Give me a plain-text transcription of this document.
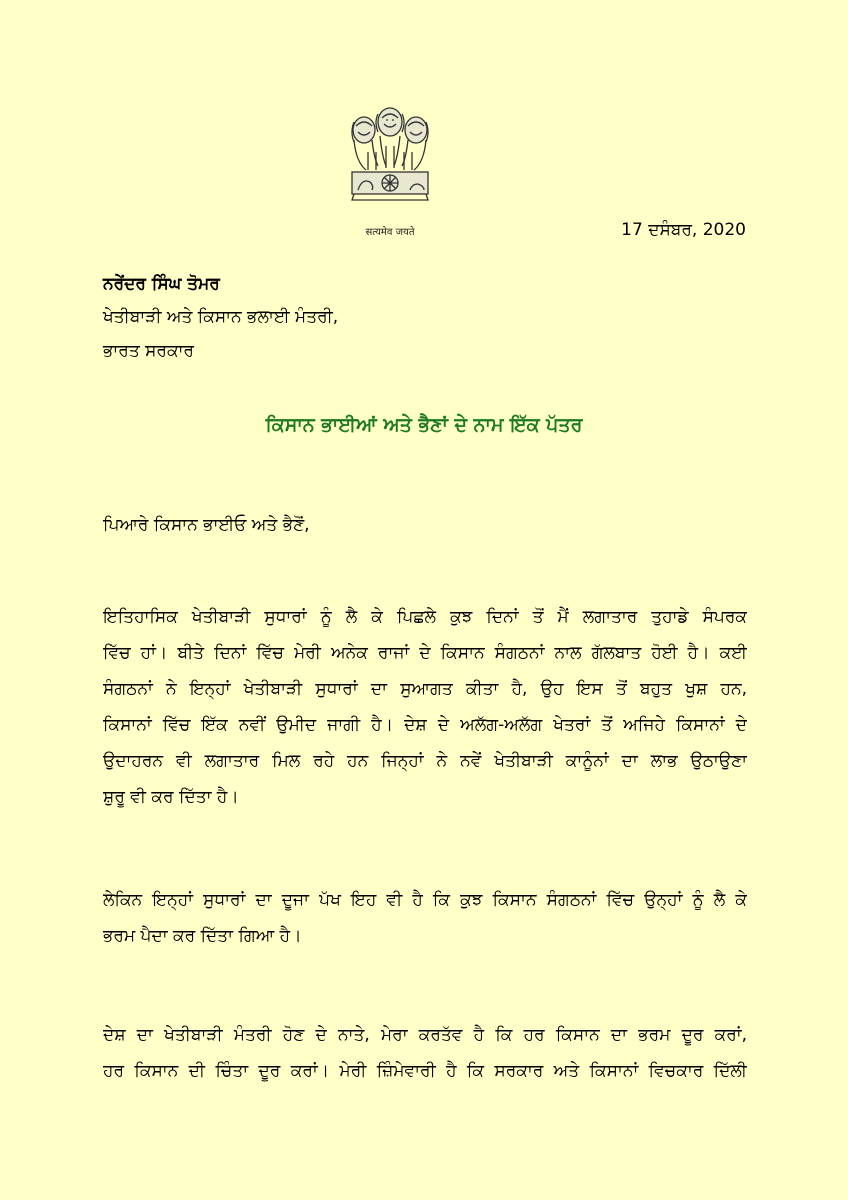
सत्यमेव जयते	17 ਦਸੰਬਰ, 2020
ਨਰੇਂਦਰ ਸਿੰਘ ਤੋਮਰ
ਖੇਤੀਬਾੜੀ ਅਤੇ ਕਿਸਾਨ ਭਲਾਈ ਮੰਤਰੀ,
ਭਾਰਤ ਸਰਕਾਰ
ਕਿਸਾਨ ਭਾਈਆਂ ਅਤੇ ਭੈਣਾਂ ਦੇ ਨਾਮ ਇੱਕ ਪੱਤਰ
ਪਿਆਰੇ ਕਿਸਾਨ ਭਾਈਓ ਅਤੇ ਭੈਣੋਂ,
ਇਤਿਹਾਸਿਕ ਖੇਤੀਬਾੜੀ ਸੁਧਾਰਾਂ ਨੂੰ ਲੈ ਕੇ ਪਿਛਲੇ ਕੁਝ ਦਿਨਾਂ ਤੋਂ ਮੈਂ ਲਗਾਤਾਰ ਤੁਹਾਡੇ ਸੰਪਰਕ
ਵਿੱਚ ਹਾਂ। ਬੀਤੇ ਦਿਨਾਂ ਵਿੱਚ ਮੇਰੀ ਅਨੇਕ ਰਾਜਾਂ ਦੇ ਕਿਸਾਨ ਸੰਗਠਨਾਂ ਨਾਲ ਗੱਲਬਾਤ ਹੋਈ ਹੈ। ਕਈ
ਸੰਗਠਨਾਂ ਨੇ ਇਨ੍ਹਾਂ ਖੇਤੀਬਾੜੀ ਸੁਧਾਰਾਂ ਦਾ ਸੁਆਗਤ ਕੀਤਾ ਹੈ, ਉਹ ਇਸ ਤੋਂ ਬਹੁਤ ਖੁਸ਼ ਹਨ,
ਕਿਸਾਨਾਂ ਵਿੱਚ ਇੱਕ ਨਵੀਂ ਉਮੀਦ ਜਾਗੀ ਹੈ। ਦੇਸ਼ ਦੇ ਅਲੱਗ-ਅਲੱਗ ਖੇਤਰਾਂ ਤੋਂ ਅਜਿਹੇ ਕਿਸਾਨਾਂ ਦੇ
ਉਦਾਹਰਨ ਵੀ ਲਗਾਤਾਰ ਮਿਲ ਰਹੇ ਹਨ ਜਿਨ੍ਹਾਂ ਨੇ ਨਵੇਂ ਖੇਤੀਬਾੜੀ ਕਾਨੂੰਨਾਂ ਦਾ ਲਾਭ ਉਠਾਉਣਾ
ਸ਼ੁਰੂ ਵੀ ਕਰ ਦਿੱਤਾ ਹੈ।
ਲੇਕਿਨ ਇਨ੍ਹਾਂ ਸੁਧਾਰਾਂ ਦਾ ਦੂਜਾ ਪੱਖ ਇਹ ਵੀ ਹੈ ਕਿ ਕੁਝ ਕਿਸਾਨ ਸੰਗਠਨਾਂ ਵਿੱਚ ਉਨ੍ਹਾਂ ਨੂੰ ਲੈ ਕੇ
ਭਰਮ ਪੈਦਾ ਕਰ ਦਿੱਤਾ ਗਿਆ ਹੈ।
ਦੇਸ਼ ਦਾ ਖੇਤੀਬਾੜੀ ਮੰਤਰੀ ਹੋਣ ਦੇ ਨਾਤੇ, ਮੇਰਾ ਕਰਤੱਵ ਹੈ ਕਿ ਹਰ ਕਿਸਾਨ ਦਾ ਭਰਮ ਦੂਰ ਕਰਾਂ,
ਹਰ ਕਿਸਾਨ ਦੀ ਚਿੰਤਾ ਦੂਰ ਕਰਾਂ। ਮੇਰੀ ਜ਼ਿੰਮੇਵਾਰੀ ਹੈ ਕਿ ਸਰਕਾਰ ਅਤੇ ਕਿਸਾਨਾਂ ਵਿਚਕਾਰ ਦਿੱਲੀ
